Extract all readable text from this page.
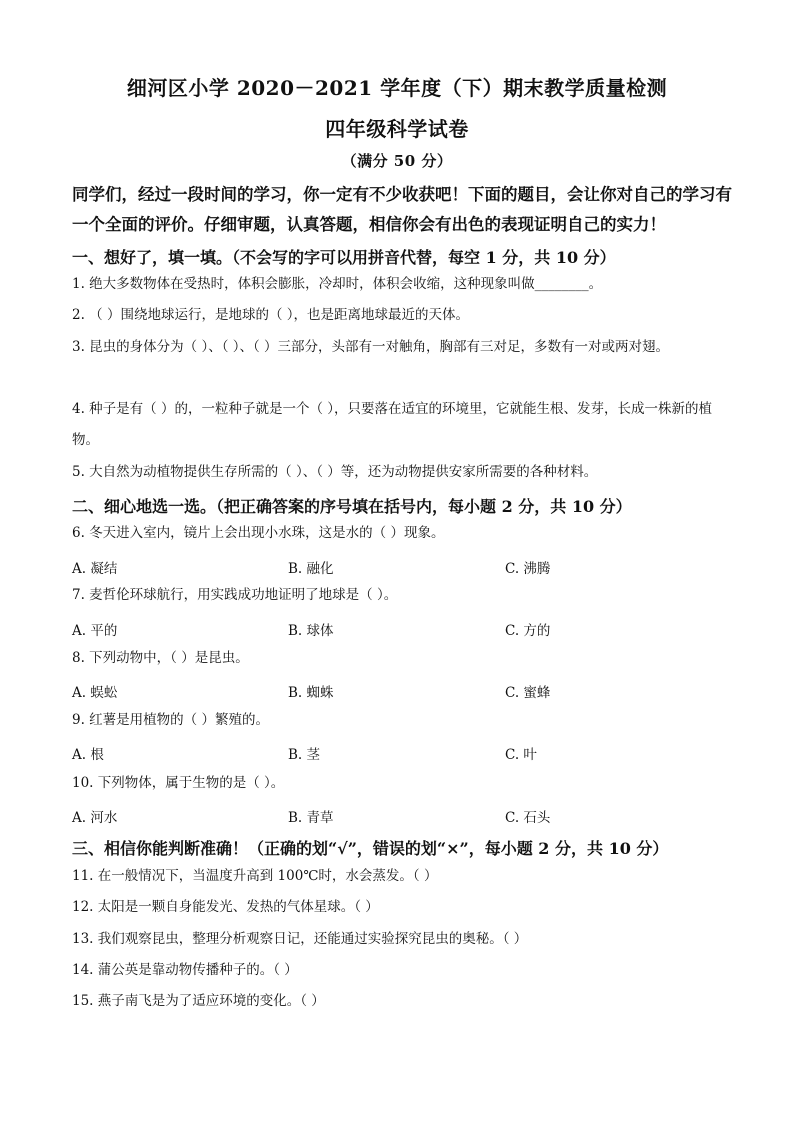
细河区小学 2020－2021 学年度（下）期末教学质量检测
四年级科学试卷
（满分 50 分）
同学们，经过一段时间的学习，你一定有不少收获吧！下面的题目，会让你对自己的学习有一个全面的评价。仔细审题，认真答题，相信你会有出色的表现证明自己的实力！
一、想好了，填一填。（不会写的字可以用拼音代替，每空 1 分，共 10 分）
1. 绝大多数物体在受热时，体积会膨胀，冷却时，体积会收缩，这种现象叫做________。
2. （ ）围绕地球运行，是地球的（ ），也是距离地球最近的天体。
3. 昆虫的身体分为（ ）、（ ）、（ ）三部分，头部有一对触角，胸部有三对足，多数有一对或两对翅。
4. 种子是有（ ）的，一粒种子就是一个（ ），只要落在适宜的环境里，它就能生根、发芽，长成一株新的植物。
5. 大自然为动植物提供生存所需的（ ）、（ ）等，还为动物提供安家所需要的各种材料。
二、细心地选一选。（把正确答案的序号填在括号内，每小题 2 分，共 10 分）
6. 冬天进入室内，镜片上会出现小水珠，这是水的（ ）现象。
A. 凝结	B. 融化	C. 沸腾
7. 麦哲伦环球航行，用实践成功地证明了地球是（ ）。
A. 平的	B. 球体	C. 方的
8. 下列动物中，（ ）是昆虫。
A. 蜈蚣	B. 蜘蛛	C. 蜜蜂
9. 红薯是用植物的（ ）繁殖的。
A. 根	B. 茎	C. 叶
10. 下列物体，属于生物的是（ ）。
A. 河水	B. 青草	C. 石头
三、相信你能判断准确！（正确的划“√”，错误的划“×”，每小题 2 分，共 10 分）
11. 在一般情况下，当温度升高到 100℃时，水会蒸发。（ ）
12. 太阳是一颗自身能发光、发热的气体星球。（ ）
13. 我们观察昆虫，整理分析观察日记，还能通过实验探究昆虫的奥秘。（ ）
14. 蒲公英是靠动物传播种子的。（ ）
15. 燕子南飞是为了适应环境的变化。（ ）
